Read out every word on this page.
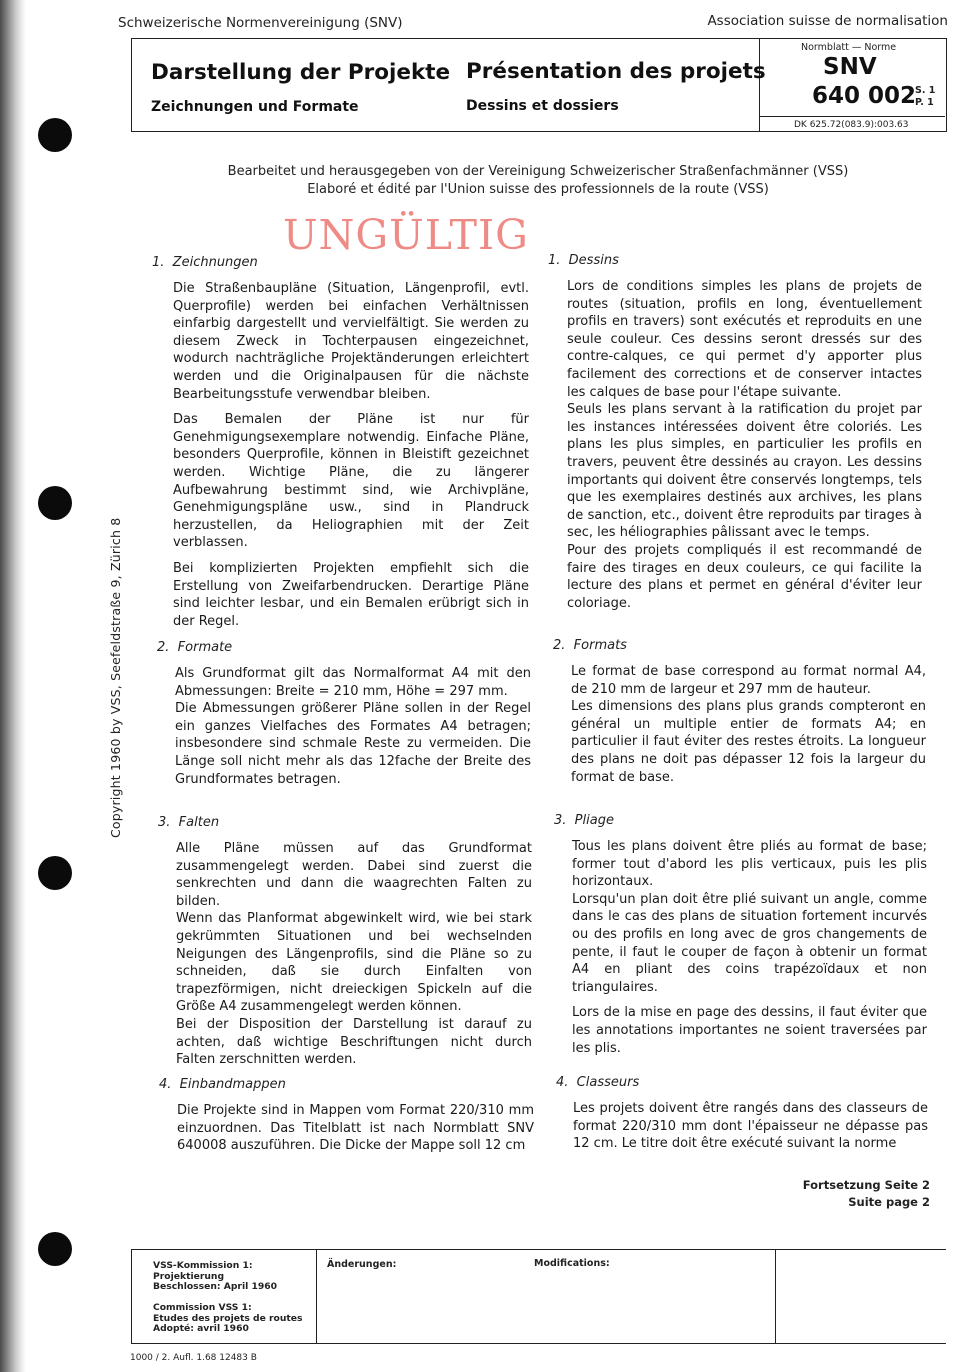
Copyright 1960 by VSS, Seefeldstraße 9, Zürich 8
Schweizerische Normenvereinigung (SNV)	Association suisse de normalisation
Darstellung der Projekte
Zeichnungen und Formate
Présentation des projets
Dessins et dossiers
Normblatt — Norme
SNV
640 002
S. 1
P. 1
DK 625.72(083.9):003.63
Bearbeitet und herausgegeben von der Vereinigung Schweizerischer Straßenfachmänner (VSS)
Elaboré et édité par l'Union suisse des professionnels de la route (VSS)
UNGÜLTIG
1. Zeichnungen

Die Straßenbaupläne (Situation, Längenprofil, evtl. Querprofile) werden bei einfachen Verhältnissen einfarbig dargestellt und vervielfältigt. Sie werden zu diesem Zweck in Tochterpausen eingezeichnet, wodurch nachträgliche Projektänderungen erleichtert werden und die Originalpausen für die nächste Bearbeitungsstufe verwendbar bleiben.

Das Bemalen der Pläne ist nur für Genehmigungsexemplare notwendig. Einfache Pläne, besonders Querprofile, können in Bleistift gezeichnet werden. Wichtige Pläne, die zu längerer Aufbewahrung bestimmt sind, wie Archivpläne, Genehmigungspläne usw., sind in Plandruck herzustellen, da Heliographien mit der Zeit verblassen.

Bei komplizierten Projekten empfiehlt sich die Erstellung von Zweifarbendrucken. Derartige Pläne sind leichter lesbar, und ein Bemalen erübrigt sich in der Regel.

2. Formate

Als Grundformat gilt das Normalformat A4 mit den Abmessungen: Breite = 210 mm, Höhe = 297 mm.

Die Abmessungen größerer Pläne sollen in der Regel ein ganzes Vielfaches des Formates A4 betragen; insbesondere sind schmale Reste zu vermeiden. Die Länge soll nicht mehr als das 12fache der Breite des Grundformates betragen.

3. Falten

Alle Pläne müssen auf das Grundformat zusammengelegt werden. Dabei sind zuerst die senkrechten und dann die waagrechten Falten zu bilden.

Wenn das Planformat abgewinkelt wird, wie bei stark gekrümmten Situationen und bei wechselnden Neigungen des Längenprofils, sind die Pläne so zu schneiden, daß sie durch Einfalten von trapezförmigen, nicht dreieckigen Spickeln auf die Größe A4 zusammengelegt werden können.

Bei der Disposition der Darstellung ist darauf zu achten, daß wichtige Beschriftungen nicht durch Falten zerschnitten werden.

4. Einbandmappen

Die Projekte sind in Mappen vom Format 220/310 mm einzuordnen. Das Titelblatt ist nach Normblatt SNV 640008 auszuführen. Die Dicke der Mappe soll 12 cm

1. Dessins

Lors de conditions simples les plans de projets de routes (situation, profils en long, éventuellement profils en travers) sont exécutés et reproduits en une seule couleur. Ces dessins seront dressés sur des contre-calques, ce qui permet d'y apporter plus facilement des corrections et de conserver intactes les calques de base pour l'étape suivante.

Seuls les plans servant à la ratification du projet par les instances intéressées doivent être coloriés. Les plans les plus simples, en particulier les profils en travers, peuvent être dessinés au crayon. Les dessins importants qui doivent être conservés longtemps, tels que les exemplaires destinés aux archives, les plans de sanction, etc., doivent être reproduits par tirages à sec, les héliographies pâlissant avec le temps.

Pour des projets compliqués il est recommandé de faire des tirages en deux couleurs, ce qui facilite la lecture des plans et permet en général d'éviter leur coloriage.

2. Formats

Le format de base correspond au format normal A4, de 210 mm de largeur et 297 mm de hauteur.

Les dimensions des plans plus grands compteront en général un multiple entier de formats A4; en particulier il faut éviter des restes étroits. La longueur des plans ne doit pas dépasser 12 fois la largeur du format de base.

3. Pliage

Tous les plans doivent être pliés au format de base; former tout d'abord les plis verticaux, puis les plis horizontaux.

Lorsqu'un plan doit être plié suivant un angle, comme dans le cas des plans de situation fortement incurvés ou des profils en long avec de gros changements de pente, il faut le couper de façon à obtenir un format A4 en pliant des coins trapézoïdaux et non triangulaires.

Lors de la mise en page des dessins, il faut éviter que les annotations importantes ne soient traversées par les plis.

4. Classeurs

Les projets doivent être rangés dans des classeurs de format 220/310 mm dont l'épaisseur ne dépasse pas 12 cm. Le titre doit être exécuté suivant la norme

Fortsetzung Seite 2
Suite page 2
VSS-Kommission 1:
Projektierung
Beschlossen: April 1960
Commission VSS 1:
Etudes des projets de routes
Adopté: avril 1960
Änderungen:	Modifications:
1000 / 2. Aufl. 1.68 12483 B
